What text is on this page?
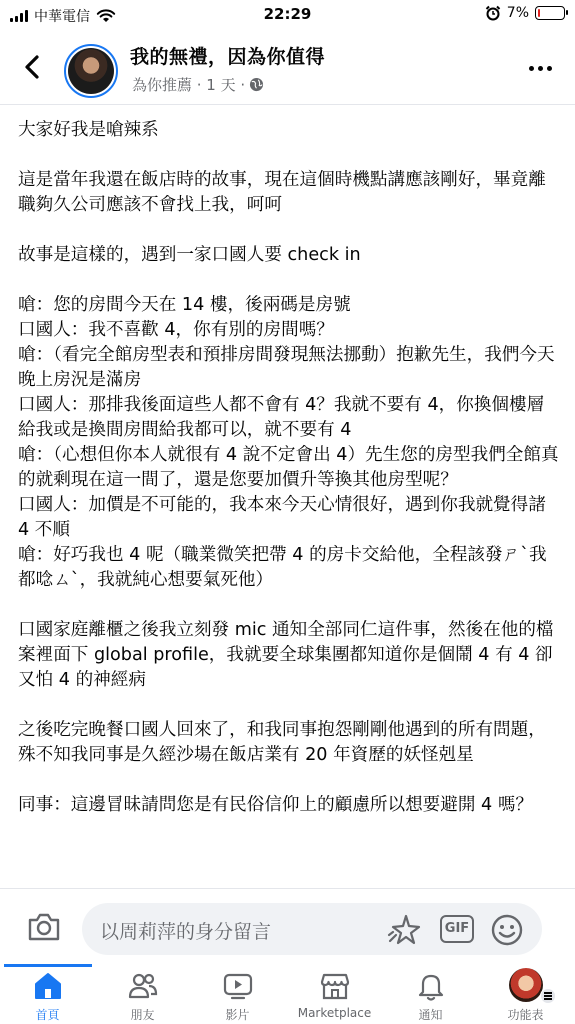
中華電信	22:29	7%
我的無禮，因為你值得
為你推薦 · 1 天 ·

大家好我是嗆辣系

這是當年我還在飯店時的故事，現在這個時機點講應該剛好，畢竟離職夠久公司應該不會找上我，呵呵

故事是這樣的，遇到一家口國人要 check in

嗆：您的房間今天在 14 樓，後兩碼是房號
口國人：我不喜歡 4，你有別的房間嗎？
嗆：（看完全館房型表和預排房間發現無法挪動）抱歉先生，我們今天晚上房況是滿房
口國人：那排我後面這些人都不會有 4？我就不要有 4，你換個樓層給我或是換間房間給我都可以，就不要有 4
嗆：（心想但你本人就很有 4 說不定會出 4）先生您的房型我們全館真的就剩現在這一間了，還是您要加價升等換其他房型呢？
口國人：加價是不可能的，我本來今天心情很好，遇到你我就覺得諸 4 不順
嗆：好巧我也 4 呢（職業微笑把帶 4 的房卡交給他，全程該發ㄕ`我都唸ㄙ`，我就純心想要氣死他）

口國家庭離櫃之後我立刻發 mic 通知全部同仁這件事，然後在他的檔案裡面下 global profile，我就要全球集團都知道你是個鬧 4 有 4 卻又怕 4 的神經病

之後吃完晚餐口國人回來了，和我同事抱怨剛剛他遇到的所有問題，殊不知我同事是久經沙場在飯店業有 20 年資歷的妖怪剋星

同事：這邊冒昧請問您是有民俗信仰上的顧慮所以想要避開 4 嗎？

以周莉萍的身分留言	GIF
首頁	朋友	影片	Marketplace	通知	功能表
